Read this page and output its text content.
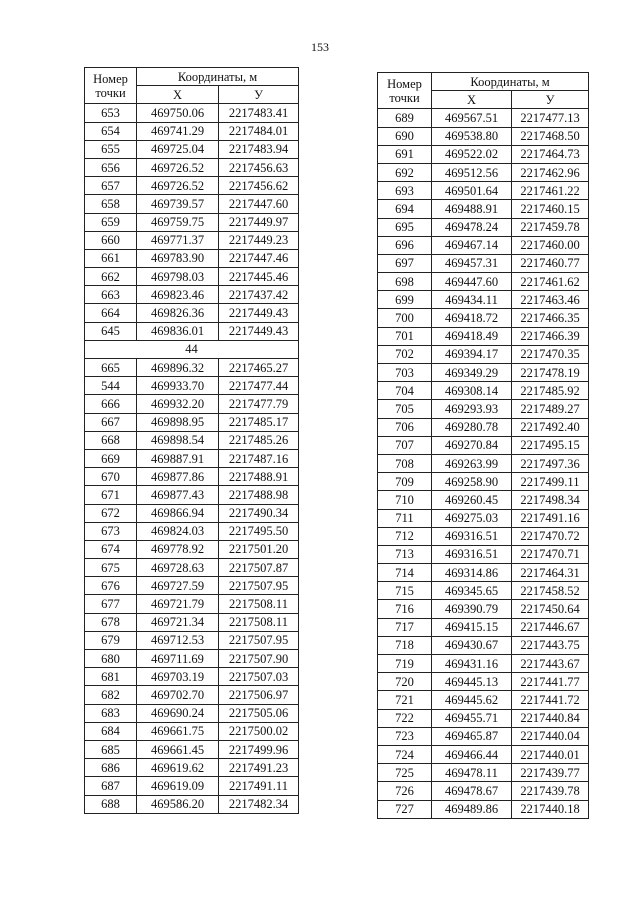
153
Номер
точки	Координаты, м	
	X	У
653	469750.06	2217483.41
654	469741.29	2217484.01
655	469725.04	2217483.94
656	469726.52	2217456.63
657	469726.52	2217456.62
658	469739.57	2217447.60
659	469759.75	2217449.97
660	469771.37	2217449.23
661	469783.90	2217447.46
662	469798.03	2217445.46
663	469823.46	2217437.42
664	469826.36	2217449.43
645	469836.01	2217449.43
44		
665	469896.32	2217465.27
544	469933.70	2217477.44
666	469932.20	2217477.79
667	469898.95	2217485.17
668	469898.54	2217485.26
669	469887.91	2217487.16
670	469877.86	2217488.91
671	469877.43	2217488.98
672	469866.94	2217490.34
673	469824.03	2217495.50
674	469778.92	2217501.20
675	469728.63	2217507.87
676	469727.59	2217507.95
677	469721.79	2217508.11
678	469721.34	2217508.11
679	469712.53	2217507.95
680	469711.69	2217507.90
681	469703.19	2217507.03
682	469702.70	2217506.97
683	469690.24	2217505.06
684	469661.75	2217500.02
685	469661.45	2217499.96
686	469619.62	2217491.23
687	469619.09	2217491.11
688	469586.20	2217482.34
Номер
точки	Координаты, м	
	X	У
689	469567.51	2217477.13
690	469538.80	2217468.50
691	469522.02	2217464.73
692	469512.56	2217462.96
693	469501.64	2217461.22
694	469488.91	2217460.15
695	469478.24	2217459.78
696	469467.14	2217460.00
697	469457.31	2217460.77
698	469447.60	2217461.62
699	469434.11	2217463.46
700	469418.72	2217466.35
701	469418.49	2217466.39
702	469394.17	2217470.35
703	469349.29	2217478.19
704	469308.14	2217485.92
705	469293.93	2217489.27
706	469280.78	2217492.40
707	469270.84	2217495.15
708	469263.99	2217497.36
709	469258.90	2217499.11
710	469260.45	2217498.34
711	469275.03	2217491.16
712	469316.51	2217470.72
713	469316.51	2217470.71
714	469314.86	2217464.31
715	469345.65	2217458.52
716	469390.79	2217450.64
717	469415.15	2217446.67
718	469430.67	2217443.75
719	469431.16	2217443.67
720	469445.13	2217441.77
721	469445.62	2217441.72
722	469455.71	2217440.84
723	469465.87	2217440.04
724	469466.44	2217440.01
725	469478.11	2217439.77
726	469478.67	2217439.78
727	469489.86	2217440.18
